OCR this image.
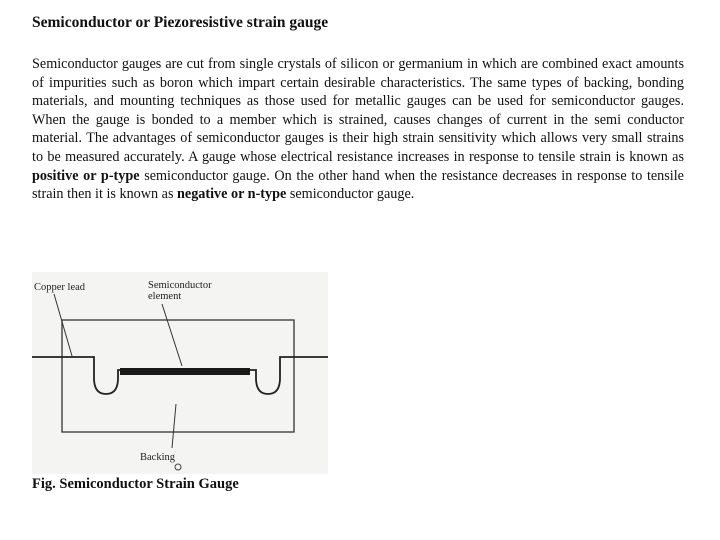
Semiconductor or Piezoresistive strain gauge

Semiconductor gauges are cut from single crystals of silicon or germanium in which are combined exact amounts of impurities such as boron which impart certain desirable characteristics. The same types of backing, bonding materials, and mounting techniques as those used for metallic gauges can be used for semiconductor gauges. When the gauge is bonded to a member which is strained, causes changes of current in the semi conductor material. The advantages of semiconductor gauges is their high strain sensitivity which allows very small strains to be measured accurately. A gauge whose electrical resistance increases in response to tensile strain is known as positive or p-type semiconductor gauge. On the other hand when the resistance decreases in response to tensile strain then it is known as negative or n-type semiconductor gauge.

Copper lead	Semiconductor
element
Backing
Fig. Semiconductor Strain Gauge
